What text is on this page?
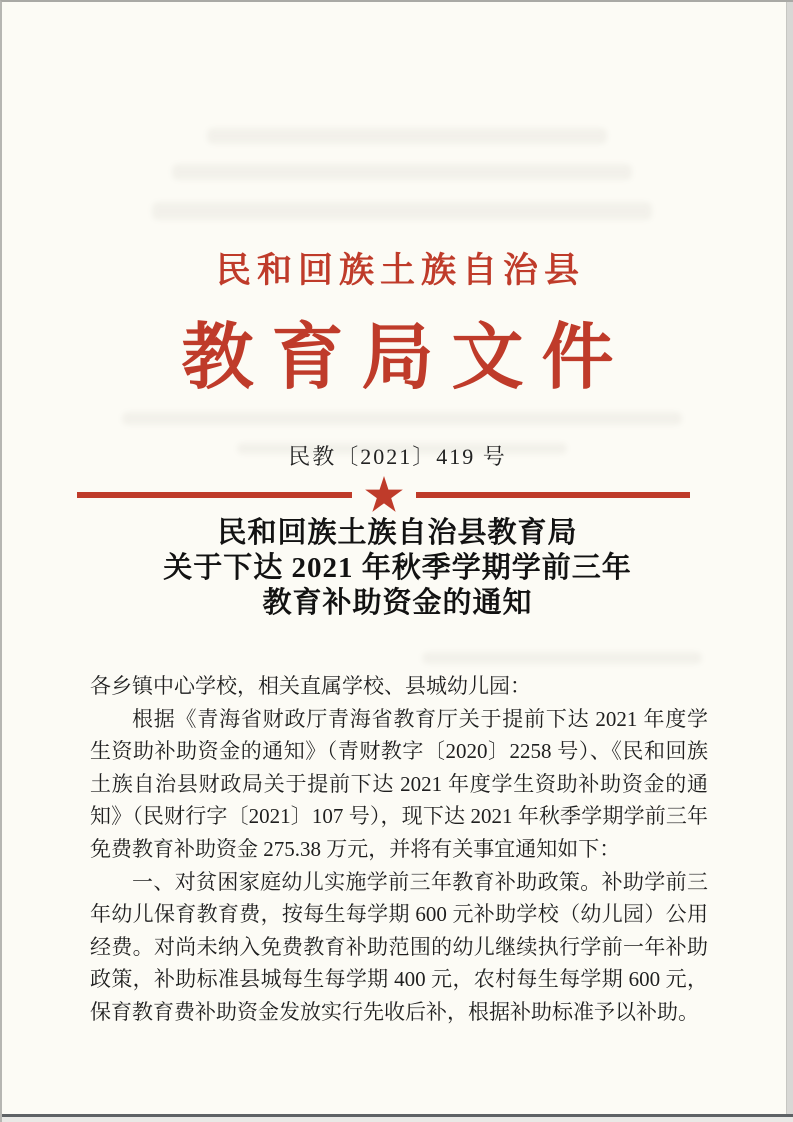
民和回族土族自治县
教育局文件
民教〔2021〕419 号
民和回族土族自治县教育局
关于下达 2021 年秋季学期学前三年
教育补助资金的通知

各乡镇中心学校，相关直属学校、县城幼儿园：

根据《青海省财政厅青海省教育厅关于提前下达 2021 年度学生资助补助资金的通知》（青财教字〔2020〕2258 号）、《民和回族土族自治县财政局关于提前下达 2021 年度学生资助补助资金的通知》（民财行字〔2021〕107 号），现下达 2021 年秋季学期学前三年免费教育补助资金 275.38 万元，并将有关事宜通知如下：

一、对贫困家庭幼儿实施学前三年教育补助政策。补助学前三年幼儿保育教育费，按每生每学期 600 元补助学校（幼儿园）公用经费。对尚未纳入免费教育补助范围的幼儿继续执行学前一年补助政策，补助标准县城每生每学期 400 元，农村每生每学期 600 元，保育教育费补助资金发放实行先收后补，根据补助标准予以补助。
